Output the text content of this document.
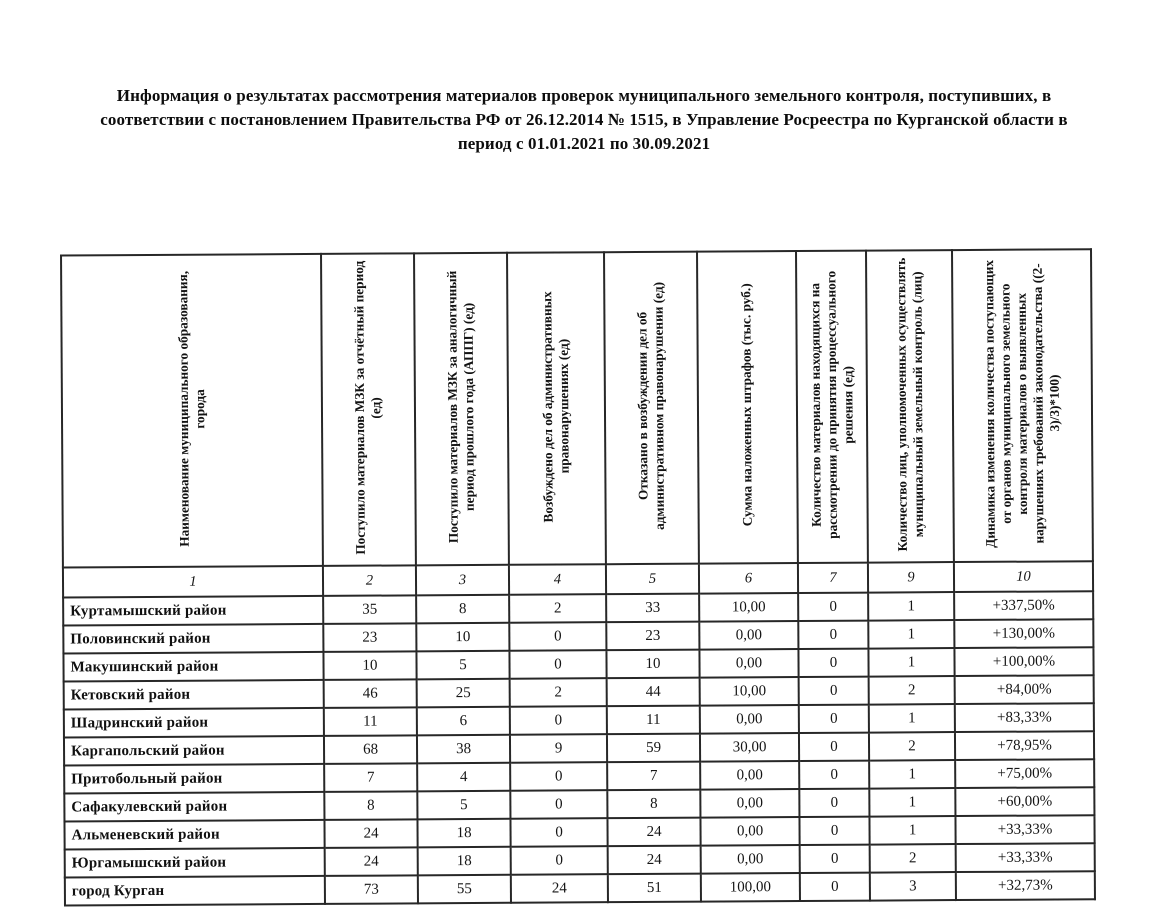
Информация о результатах рассмотрения материалов проверок муниципального земельного контроля, поступивших, в соответствии с постановлением Правительства РФ от 26.12.2014 № 1515, в Управление Росреестра по Курганской области в период с 01.01.2021 по 30.09.2021
Наименование муниципального образования, города	Поступило материалов МЗК за отчётный период (ед)	Поступило материалов МЗК за аналогичный период прошлого года (АППГ) (ед)	Возбуждено дел об административных правонарушениях (ед)	Отказано в возбуждении дел об административном правонарушении (ед)	Сумма наложенных штрафов (тыс. руб.)	Количество материалов находящихся на рассмотрении до принятия процессуального решения (ед)	Количество лиц, уполномоченных осуществлять муниципальный земельный контроль (лиц)	Динамика изменения количества поступающих от органов муниципального земельного контроля материалов о выявленных нарушениях требований законодательства ((2-3)/3)*100)
1	2	3	4	5	6	7	9	10
Куртамышский район	35	8	2	33	10,00	0	1	+337,50%
Половинский район	23	10	0	23	0,00	0	1	+130,00%
Макушинский район	10	5	0	10	0,00	0	1	+100,00%
Кетовский район	46	25	2	44	10,00	0	2	+84,00%
Шадринский район	11	6	0	11	0,00	0	1	+83,33%
Каргапольский район	68	38	9	59	30,00	0	2	+78,95%
Притобольный район	7	4	0	7	0,00	0	1	+75,00%
Сафакулевский район	8	5	0	8	0,00	0	1	+60,00%
Альменевский район	24	18	0	24	0,00	0	1	+33,33%
Юргамышский район	24	18	0	24	0,00	0	2	+33,33%
город Курган	73	55	24	51	100,00	0	3	+32,73%
